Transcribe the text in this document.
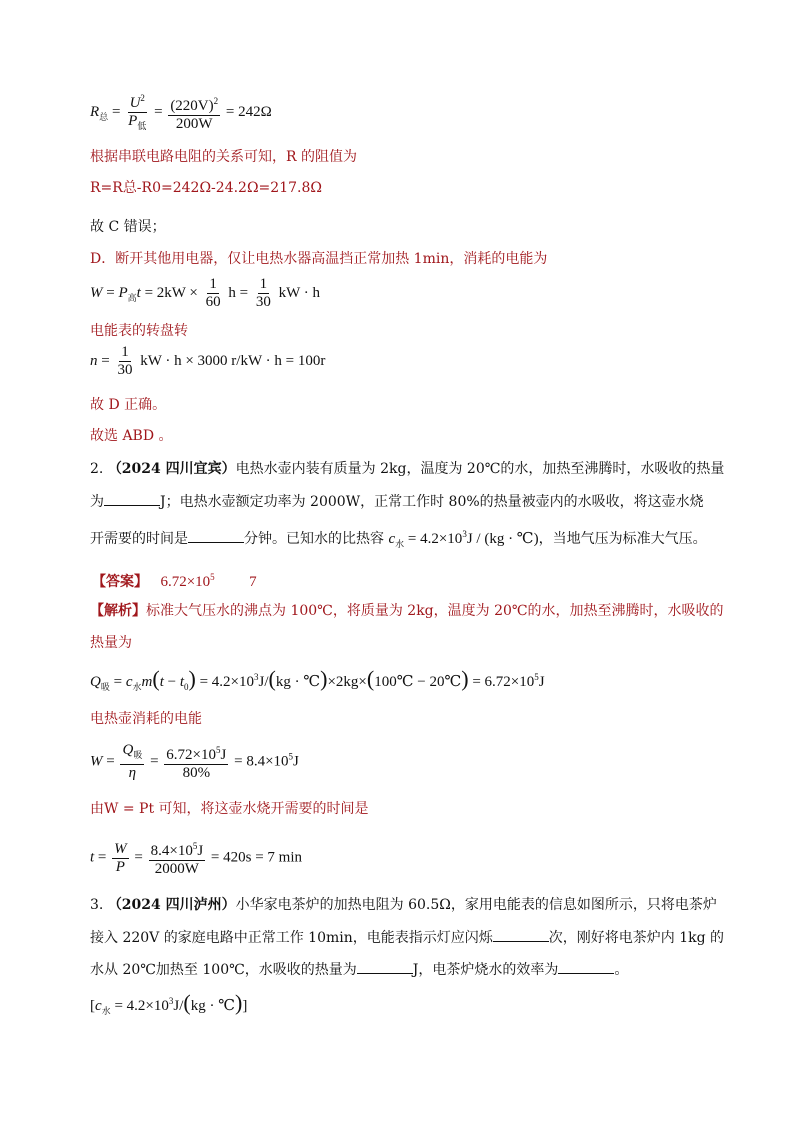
$R_总 = \frac{U^2}{P_低} = \frac{(220V)^2}{200W} = 242\Omega$
根据串联电路电阻的关系可知，R 的阻值为
R=R总-R0=242Ω-24.2Ω=217.8Ω
故 C 错误；
D．断开其他用电器，仅让电热水器高温挡正常加热 1min，消耗的电能为
$W = P_高t = 2kW \times \frac{1}{60}$ $h = \frac{1}{30}$ kW · h
电能表的转盘转
$n = \frac{1}{30}$ kW · h × 3000 r/kW · h = 100r
故 D 正确。
故选 ABD 。
2. （2024 四川宜宾）电热水壶内装有质量为 2kg，温度为 20℃的水，加热至沸腾时，水吸收的热量
为	J；电热水壶额定功率为 2000W，正常工作时 80%的热量被壶内的水吸收，将这壶水烧
开需要的时间是	分钟。已知水的比热容 $c_水 = 4.2\times 10^3J / (kg$ · ℃)，当地气压为标准大气压。
【答案】 $6.72\times 10^5$ 7
【解析】标准大气压水的沸点为 100℃，将质量为 2kg，温度为 20℃的水，加热至沸腾时，水吸收的
热量为
$Q_吸 = c_水m(t - t_0) = 4.2\times 10^3J/(kg$ · ℃)×2kg×(100℃ − 20℃) = $6.72\times 10^5J$
电热壶消耗的电能
$W = \frac{Q_吸}{\eta} = \frac{6.72\times 10^5J}{80\%} = 8.4\times 10^5J$
由W = Pt 可知，将这壶水烧开需要的时间是
$t = \frac{W}{P} = \frac{8.4\times 10^5J}{2000W} = 420s = 7$ min
3. （2024 四川泸州）小华家电茶炉的加热电阻为 60.5Ω，家用电能表的信息如图所示，只将电茶炉
接入 220V 的家庭电路中正常工作 10min，电能表指示灯应闪烁	次，刚好将电茶炉内 1kg 的
水从 20℃加热至 100℃，水吸收的热量为	J，电茶炉烧水的效率为	。
[$c_水 = 4.2\times 10^3J/(kg$ · ℃)]
